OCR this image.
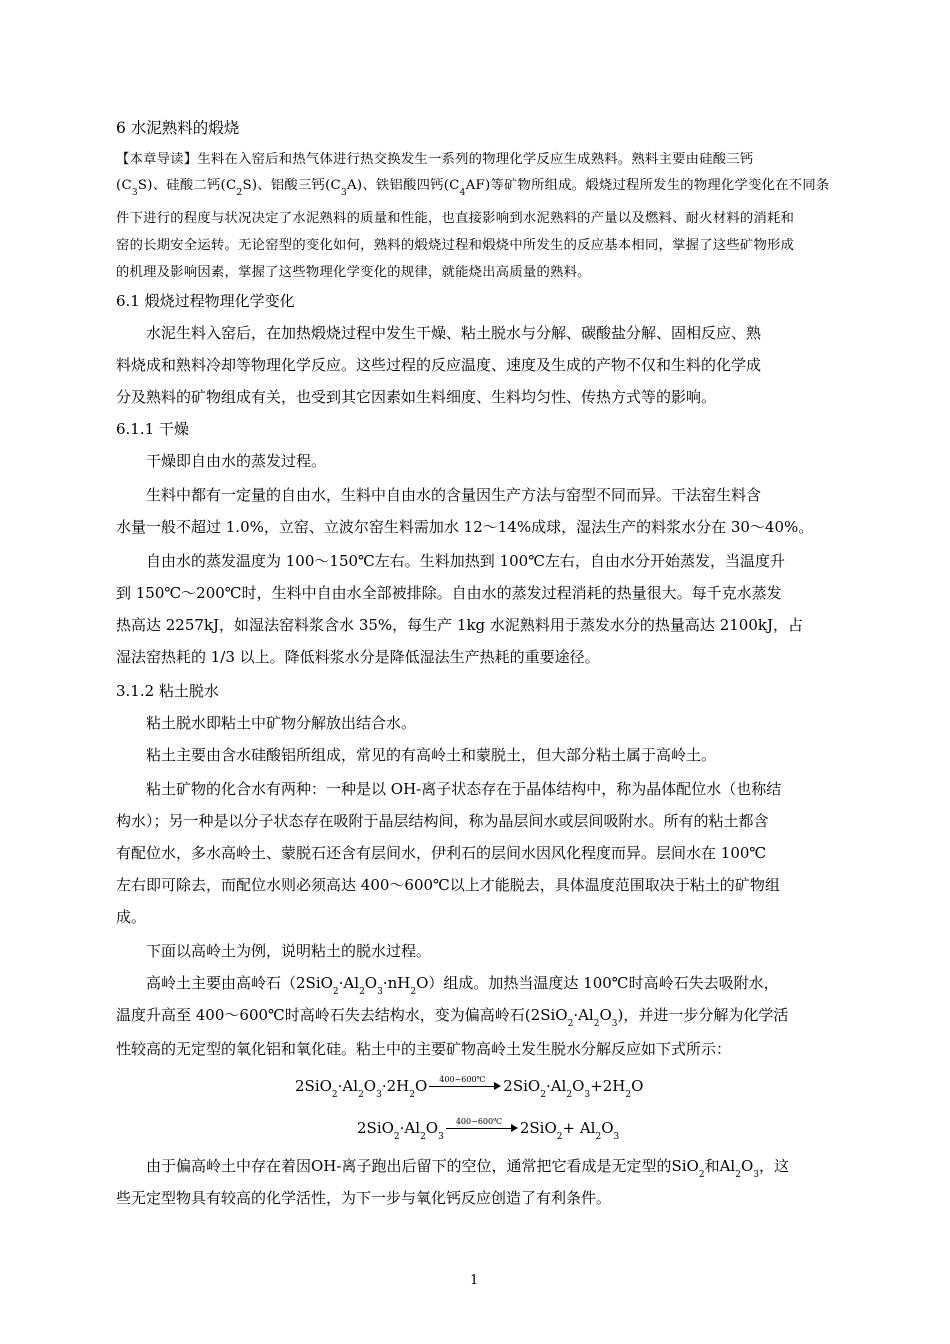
6 水泥熟料的煅烧
【本章导读】生料在入窑后和热气体进行热交换发生一系列的物理化学反应生成熟料。熟料主要由硅酸三钙
$(C_3S)$、硅酸二钙$(C_2S)$、铝酸三钙$(C_3A)$、铁铝酸四钙$(C_4AF)$等矿物所组成。煅烧过程所发生的物理化学变化在不同条
件下进行的程度与状况决定了水泥熟料的质量和性能，也直接影响到水泥熟料的产量以及燃料、耐火材料的消耗和
窑的长期安全运转。无论窑型的变化如何，熟料的煅烧过程和煅烧中所发生的反应基本相同，掌握了这些矿物形成
的机理及影响因素，掌握了这些物理化学变化的规律，就能烧出高质量的熟料。
6.1 煅烧过程物理化学变化
水泥生料入窑后，在加热煅烧过程中发生干燥、粘土脱水与分解、碳酸盐分解、固相反应、熟
料烧成和熟料冷却等物理化学反应。这些过程的反应温度、速度及生成的产物不仅和生料的化学成
分及熟料的矿物组成有关，也受到其它因素如生料细度、生料均匀性、传热方式等的影响。
6.1.1 干燥
干燥即自由水的蒸发过程。
生料中都有一定量的自由水，生料中自由水的含量因生产方法与窑型不同而异。干法窑生料含
水量一般不超过 1.0%，立窑、立波尔窑生料需加水 12～14%成球，湿法生产的料浆水分在 30～40%。
自由水的蒸发温度为 100～150℃左右。生料加热到 100℃左右，自由水分开始蒸发，当温度升
到 150℃～200℃时，生料中自由水全部被排除。自由水的蒸发过程消耗的热量很大。每千克水蒸发
热高达 2257kJ，如湿法窑料浆含水 35%，每生产 1kg 水泥熟料用于蒸发水分的热量高达 2100kJ，占
湿法窑热耗的 1/3 以上。降低料浆水分是降低湿法生产热耗的重要途径。
3.1.2 粘土脱水
粘土脱水即粘土中矿物分解放出结合水。
粘土主要由含水硅酸铝所组成，常见的有高岭土和蒙脱土，但大部分粘土属于高岭土。
粘土矿物的化合水有两种：一种是以 OH-离子状态存在于晶体结构中，称为晶体配位水（也称结
构水）；另一种是以分子状态存在吸附于晶层结构间，称为晶层间水或层间吸附水。所有的粘土都含
有配位水，多水高岭土、蒙脱石还含有层间水，伊利石的层间水因风化程度而异。层间水在 100℃
左右即可除去，而配位水则必须高达 400～600℃以上才能脱去，具体温度范围取决于粘土的矿物组
成。
下面以高岭土为例，说明粘土的脱水过程。
高岭土主要由高岭石$(2SiO_2\cdot Al_2O_3\cdot nH_2O)$组成。加热当温度达 100℃时高岭石失去吸附水，
温度升高至 400～600℃时高岭石失去结构水，变为偏高岭石$(2SiO_2\cdot Al_2O_3)$，并进一步分解为化学活
性较高的无定型的氧化铝和氧化硅。粘土中的主要矿物高岭土发生脱水分解反应如下式所示：
$2SiO_2\cdot Al_2O_3\cdot 2H_2O$ 400~600℃ $2SiO_2\cdot Al_2O_3+2H_2O$
$2SiO_2\cdot Al_2O_3$
400~600℃ $2SiO_2+ Al_2O_3$
由于偏高岭土中存在着因OH-离子跑出后留下的空位，通常把它看成是无定型的SiO$_2$和$Al_2O_3$，这
些无定型物具有较高的化学活性，为下一步与氧化钙反应创造了有利条件。
1
